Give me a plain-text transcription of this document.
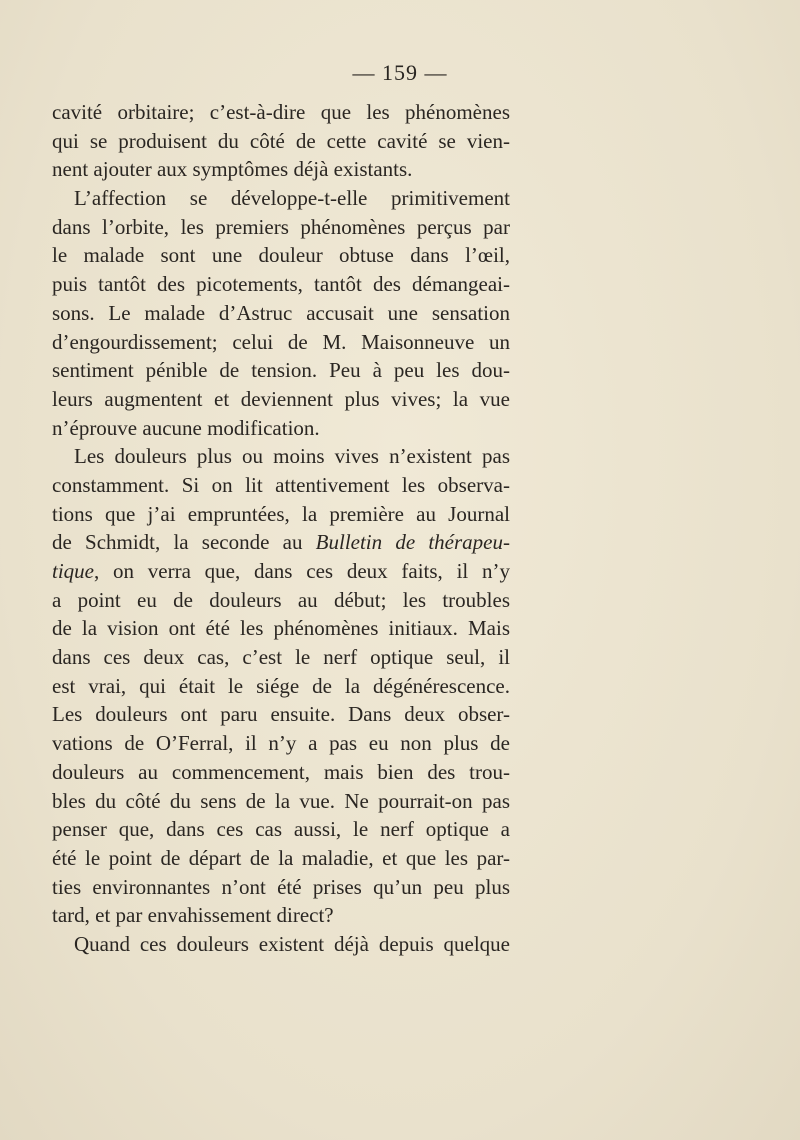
— 159 —
cavité orbitaire; c’est-à-dire que les phénomènes
qui se produisent du côté de cette cavité se vien-
nent ajouter aux symptômes déjà existants.
L’affection se développe-t-elle primitivement
dans l’orbite, les premiers phénomènes perçus par
le malade sont une douleur obtuse dans l’œil,
puis tantôt des picotements, tantôt des démangeai-
sons. Le malade d’Astruc accusait une sensation
d’engourdissement; celui de M. Maisonneuve un
sentiment pénible de tension. Peu à peu les dou-
leurs augmentent et deviennent plus vives; la vue
n’éprouve aucune modification.
Les douleurs plus ou moins vives n’existent pas
constamment. Si on lit attentivement les observa-
tions que j’ai empruntées, la première au Journal
de Schmidt, la seconde au Bulletin de thérapeu-
tique, on verra que, dans ces deux faits, il n’y
a point eu de douleurs au début; les troubles
de la vision ont été les phénomènes initiaux. Mais
dans ces deux cas, c’est le nerf optique seul, il
est vrai, qui était le siége de la dégénérescence.
Les douleurs ont paru ensuite. Dans deux obser-
vations de O’Ferral, il n’y a pas eu non plus de
douleurs au commencement, mais bien des trou-
bles du côté du sens de la vue. Ne pourrait-on pas
penser que, dans ces cas aussi, le nerf optique a
été le point de départ de la maladie, et que les par-
ties environnantes n’ont été prises qu’un peu plus
tard, et par envahissement direct?
Quand ces douleurs existent déjà depuis quelque
